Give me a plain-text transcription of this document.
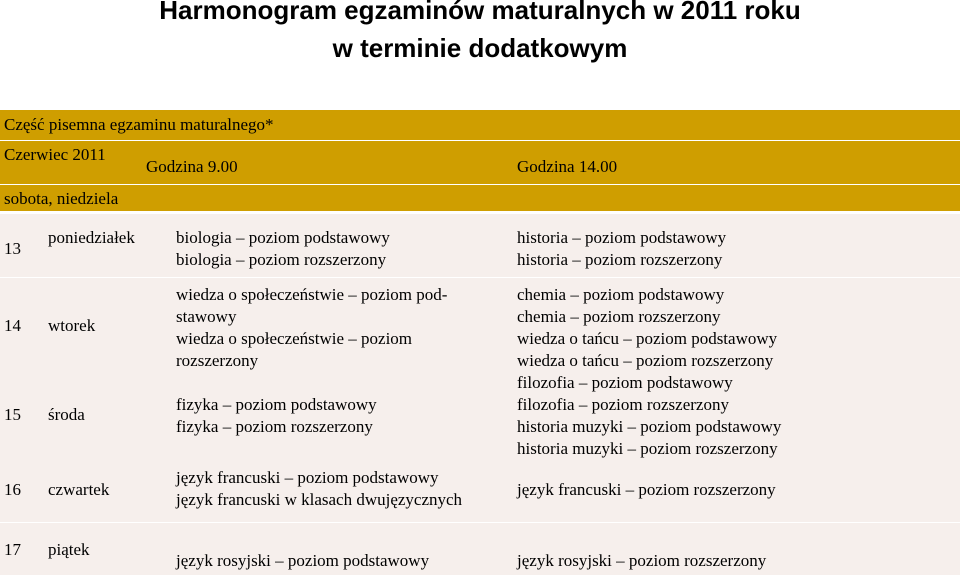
Harmonogram egzaminów maturalnych w 2011 roku
w terminie dodatkowym
Część pisemna egzaminu maturalnego*
Czerwiec 2011
Godzina 9.00	Godzina 14.00
sobota, niedziela
13
poniedziałek biologia – poziom podstawowy
biologia – poziom rozszerzony
historia – poziom podstawowy
historia – poziom rozszerzony
14 wtorek
wiedza o społeczeństwie – poziom pod-
stawowy
wiedza o społeczeństwie – poziom
rozszerzony
chemia – poziom podstawowy
chemia – poziom rozszerzony
wiedza o tańcu – poziom podstawowy
wiedza o tańcu – poziom rozszerzony
15 środa
fizyka – poziom podstawowy
fizyka – poziom rozszerzony
filozofia – poziom podstawowy
filozofia – poziom rozszerzony
historia muzyki – poziom podstawowy
historia muzyki – poziom rozszerzony
16 czwartek
język francuski – poziom podstawowy
język francuski w klasach dwujęzycznych
język francuski – poziom rozszerzony
17 piątek
język rosyjski – poziom podstawowy	język rosyjski – poziom rozszerzony
